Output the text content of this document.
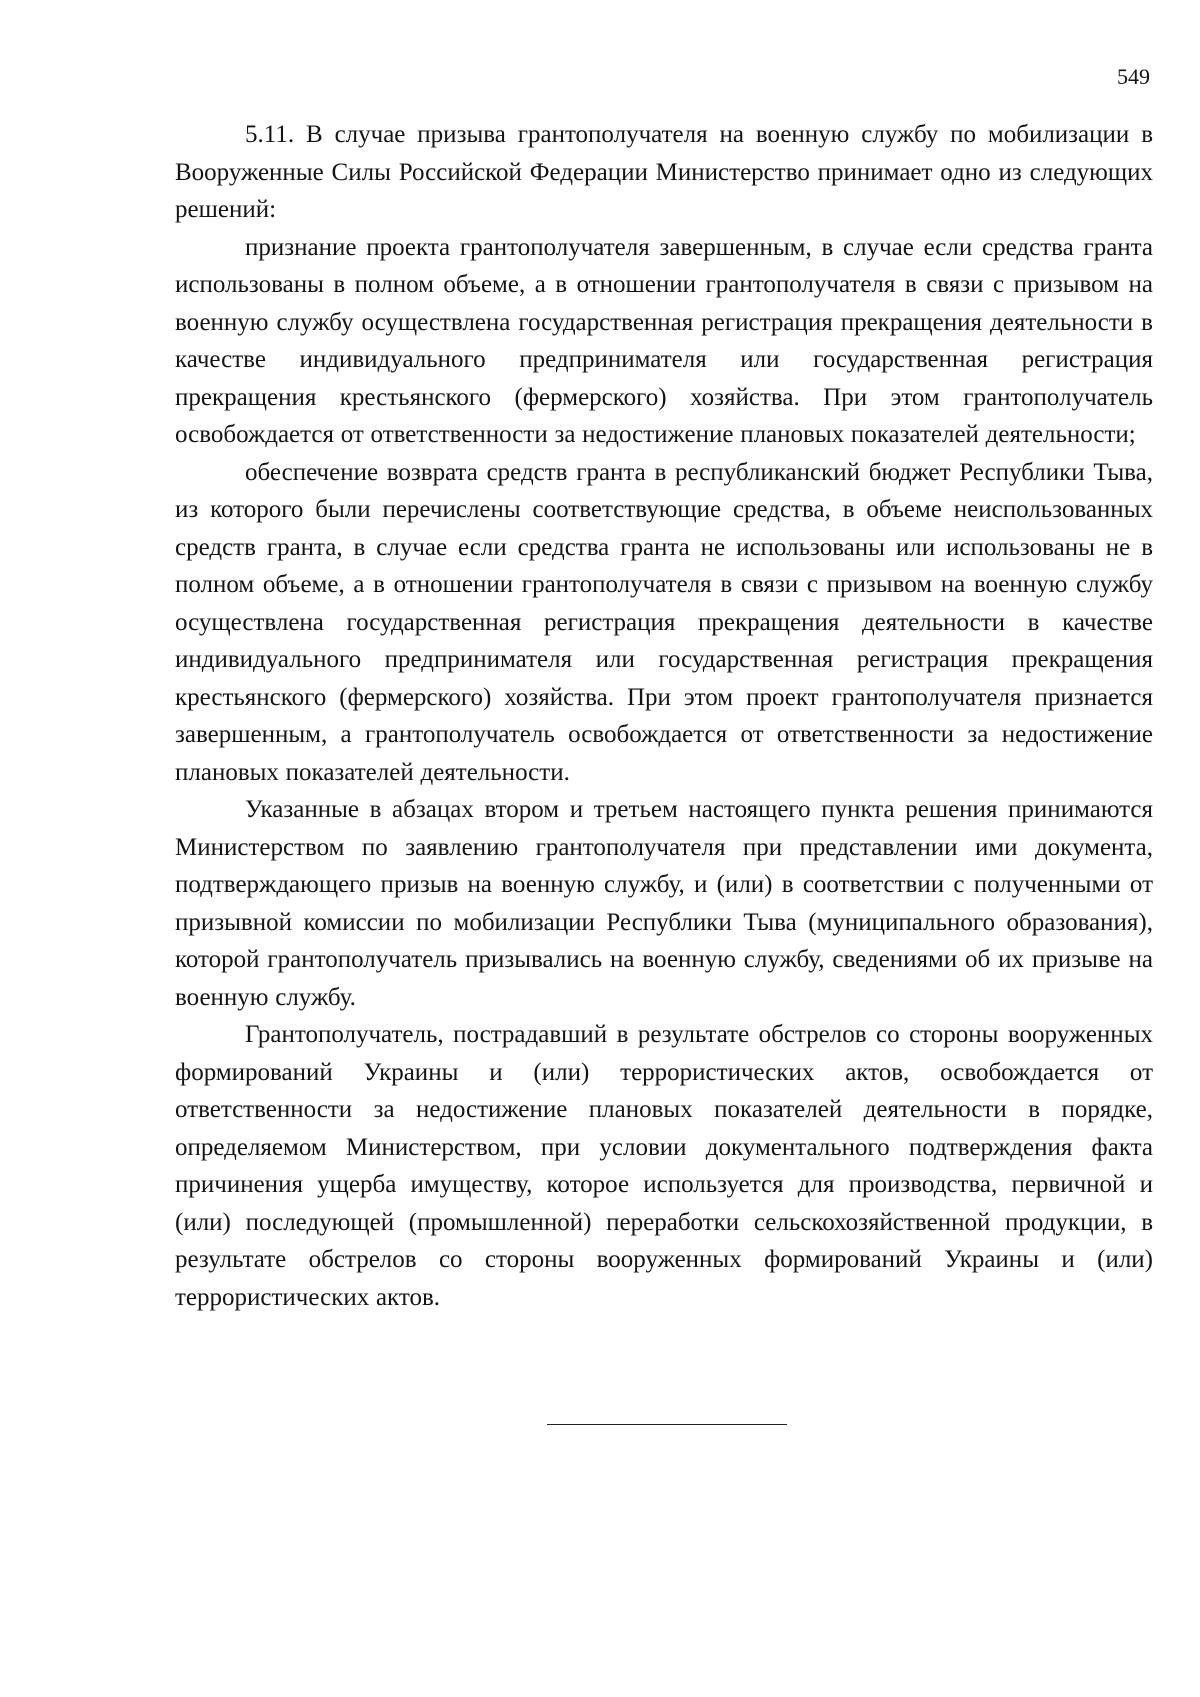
549

5.11. В случае призыва грантополучателя на военную службу по мобилизации в Вооруженные Силы Российской Федерации Министерство принимает одно из следующих решений:

признание проекта грантополучателя завершенным, в случае если средства гранта использованы в полном объеме, а в отношении грантополучателя в связи с призывом на военную службу осуществлена государственная регистрация прекращения деятельности в качестве индивидуального предпринимателя или государственная регистрация прекращения крестьянского (фермерского) хозяйства. При этом грантополучатель освобождается от ответственности за недостижение плановых показателей деятельности;

обеспечение возврата средств гранта в республиканский бюджет Республики Тыва, из которого были перечислены соответствующие средства, в объеме неиспользованных средств гранта, в случае если средства гранта не использованы или использованы не в полном объеме, а в отношении грантополучателя в связи с призывом на военную службу осуществлена государственная регистрация прекращения деятельности в качестве индивидуального предпринимателя или государственная регистрация прекращения крестьянского (фермерского) хозяйства. При этом проект грантополучателя признается завершенным, а грантополучатель освобождается от ответственности за недостижение плановых показателей деятельности.

Указанные в абзацах втором и третьем настоящего пункта решения принимаются Министерством по заявлению грантополучателя при представлении ими документа, подтверждающего призыв на военную службу, и (или) в соответствии с полученными от призывной комиссии по мобилизации Республики Тыва (муниципального образования), которой грантополучатель призывались на военную службу, сведениями об их призыве на военную службу.

Грантополучатель, пострадавший в результате обстрелов со стороны вооруженных формирований Украины и (или) террористических актов, освобождается от ответственности за недостижение плановых показателей деятельности в порядке, определяемом Министерством, при условии документального подтверждения факта причинения ущерба имуществу, которое используется для производства, первичной и (или) последующей (промышленной) переработки сельскохозяйственной продукции, в результате обстрелов со стороны вооруженных формирований Украины и (или) террористических актов.
